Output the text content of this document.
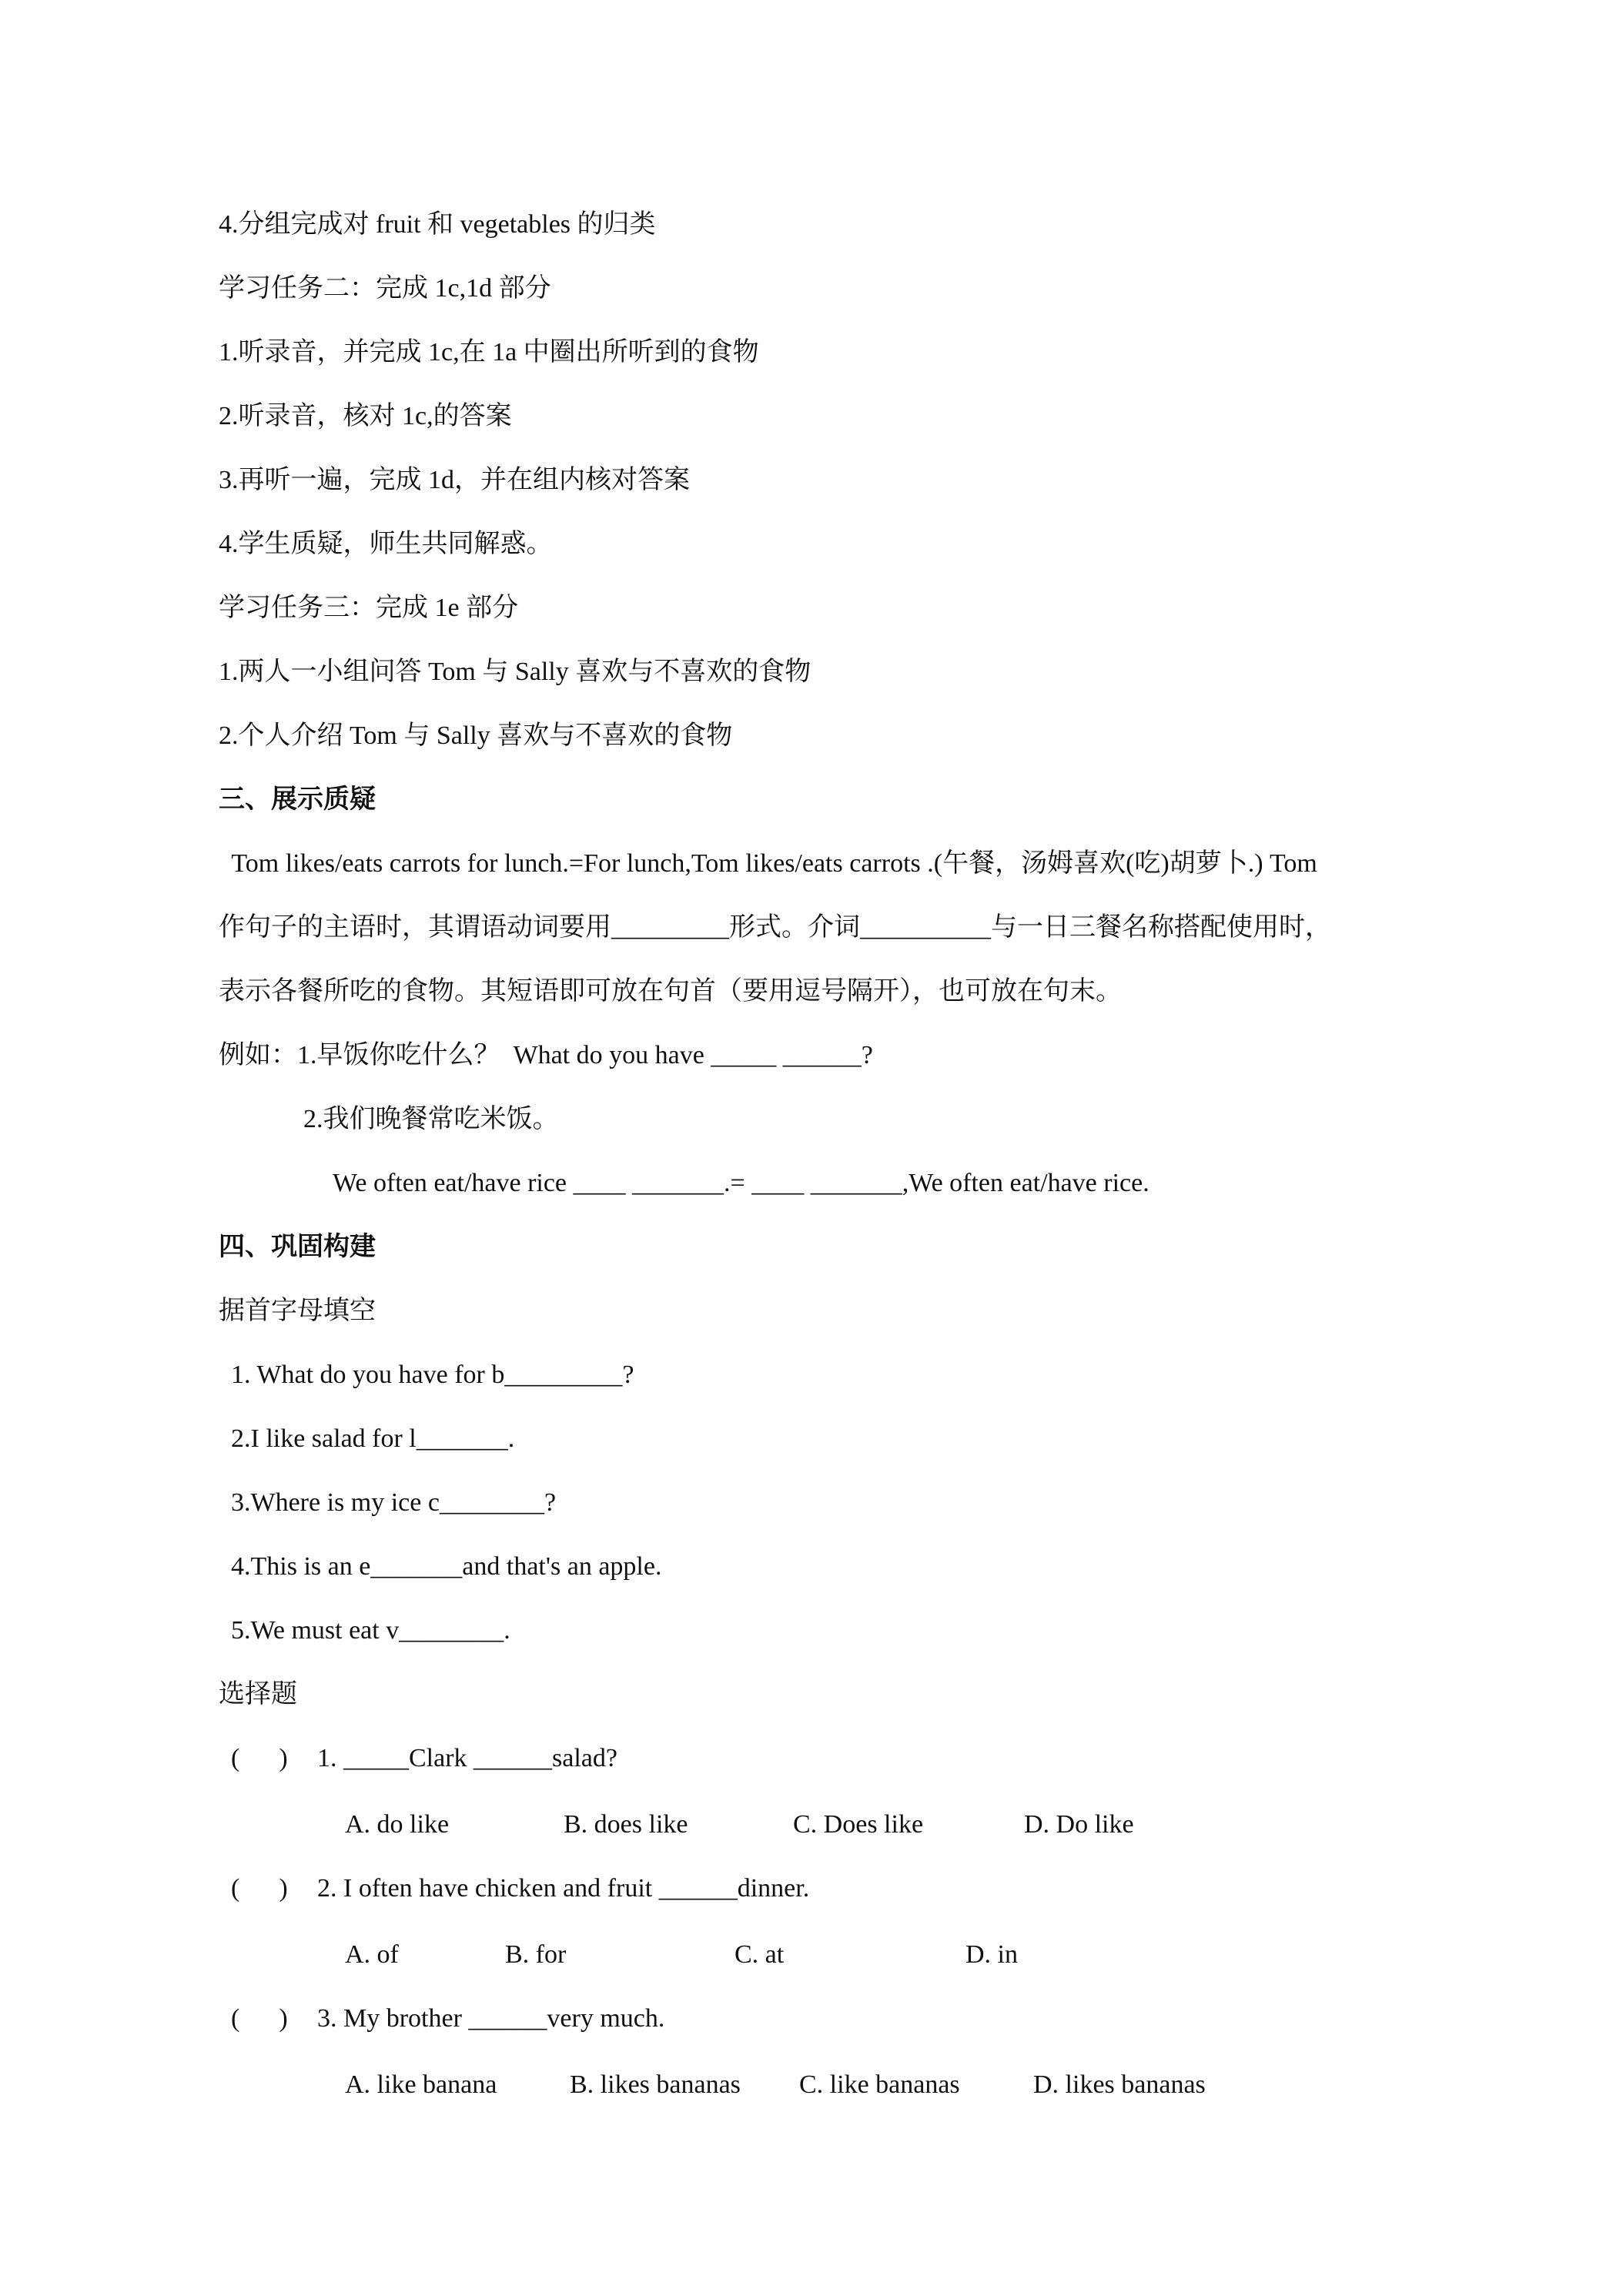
4.分组完成对 fruit 和 vegetables 的归类
学习任务二：完成 1c,1d 部分
1.听录音，并完成 1c,在 1a 中圈出所听到的食物
2.听录音，核对 1c,的答案
3.再听一遍，完成 1d，并在组内核对答案
4.学生质疑，师生共同解惑。
学习任务三：完成 1e 部分
1.两人一小组问答 Tom 与 Sally 喜欢与不喜欢的食物
2.个人介绍 Tom 与 Sally 喜欢与不喜欢的食物
三、展示质疑
Tom likes/eats carrots for lunch.=For lunch,Tom likes/eats carrots .(午餐，汤姆喜欢(吃)胡萝卜.) Tom
作句子的主语时，其谓语动词要用_________形式。介词__________与一日三餐名称搭配使用时，
表示各餐所吃的食物。其短语即可放在句首（要用逗号隔开），也可放在句末。
例如：1.早饭你吃什么？  What do you have _____ ______?
2.我们晚餐常吃米饭。
We often eat/have rice ____ _______.= ____ _______,We often eat/have rice.
四、巩固构建
据首字母填空
1. What do you have for b_________?
2.I like salad for l_______.
3.Where is my ice c________?
4.This is an e_______and that's an apple.
5.We must eat v________.
选择题
(      ) 1. _____Clark ______salad?
A. do like	B. does like	C. Does like	D. Do like
(      ) 2. I often have chicken and fruit ______dinner.
A. of	B. for	C. at	D. in
(      ) 3. My brother ______very much.
A. like banana	B. likes bananas C. like bananas	D. likes bananas
